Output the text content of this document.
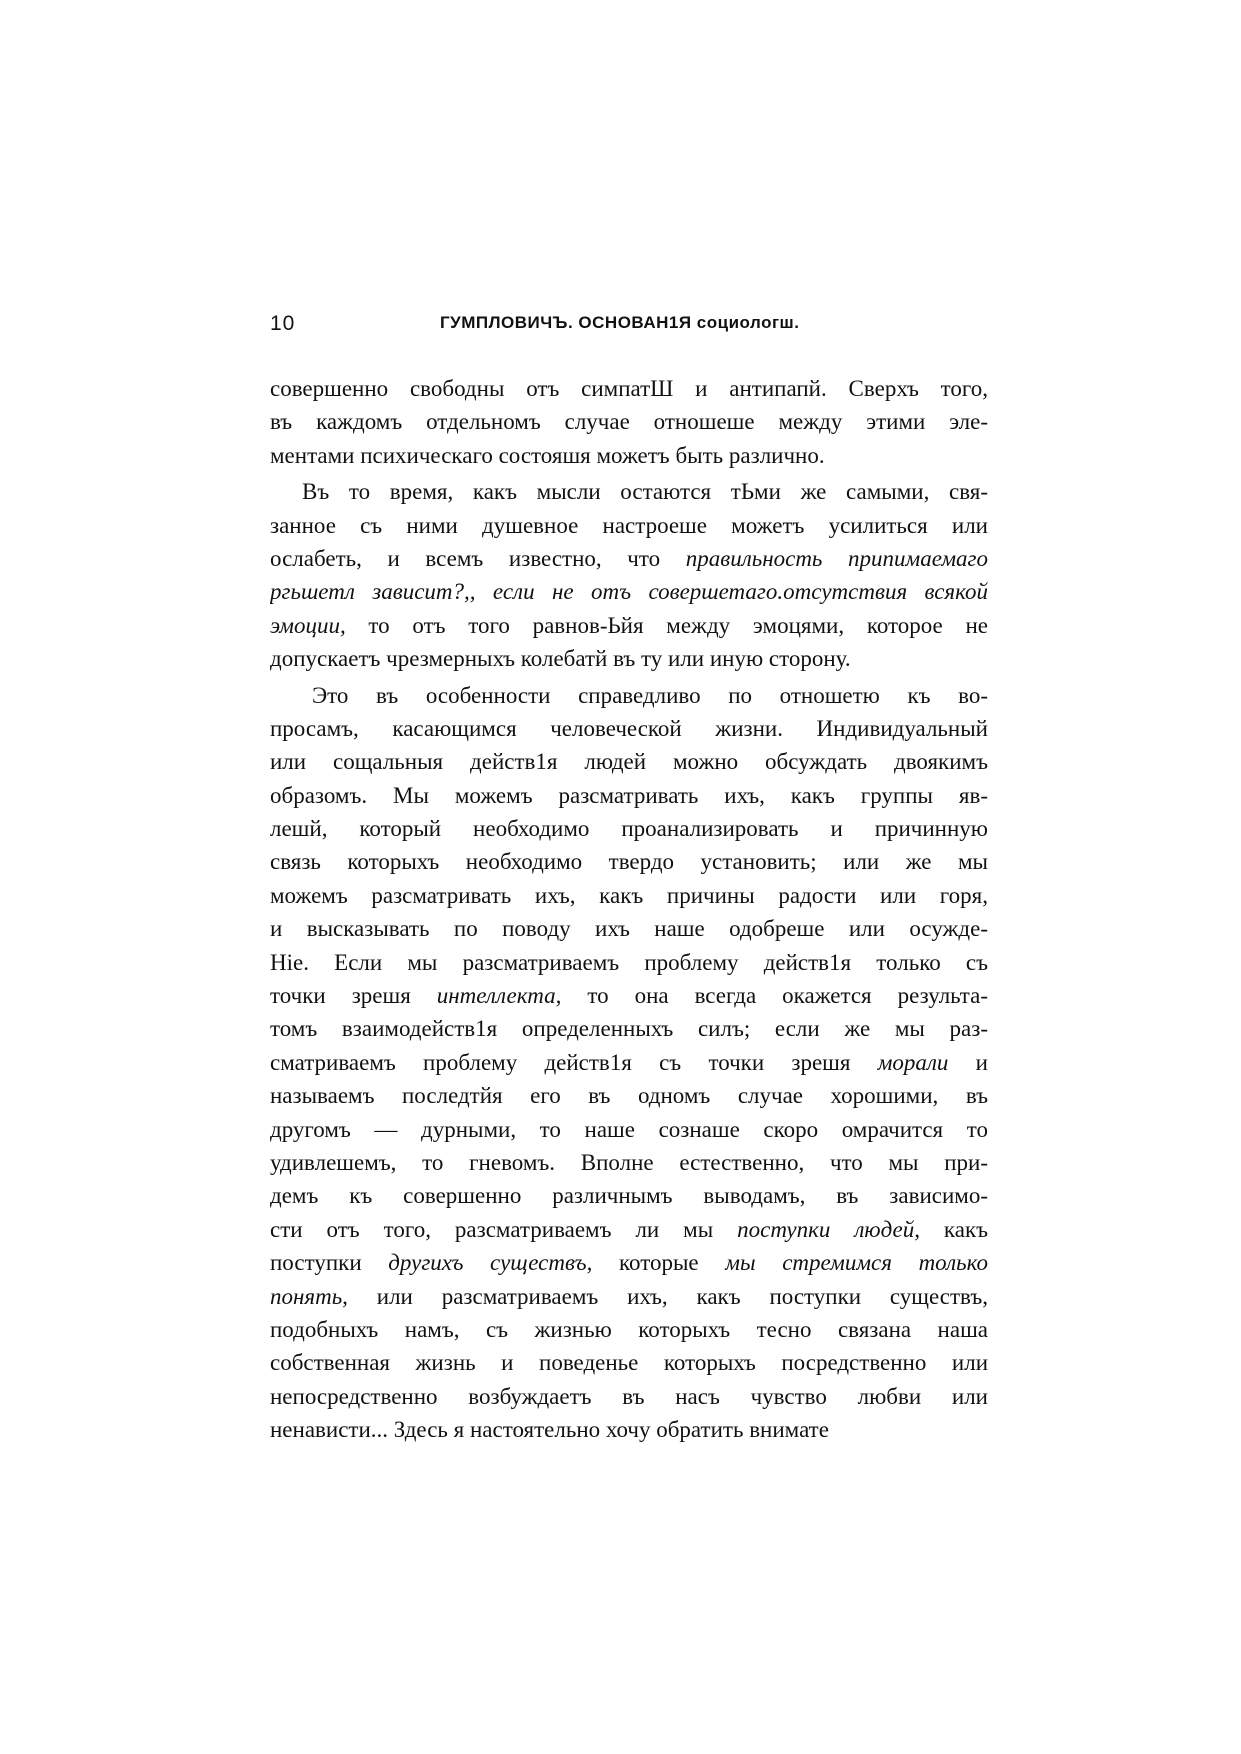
10	ГУМПЛОВИЧЪ. ОСНОВАН1Я социологш.
совершенно свободны отъ симпатШ и антипапй. Сверхъ того,
въ каждомъ отдельномъ случае отношеше между этими эле-
ментами психическаго состояшя можетъ быть различно.
Въ то время, какъ мысли остаются тЬми же самыми, свя-
занное съ ними душевное настроеше можетъ усилиться или
ослабеть, и всемъ известно, что правильность припимаемаго
ргьшетл зависит?,, если не отъ совершетаго.отсутствия всякой
эмоции, то отъ того равнов-Ьйя между эмоцями, которое не
допускаетъ чрезмерныхъ колебатй въ ту или иную сторону.
Это въ особенности справедливо по отношетю къ во-
просамъ, касающимся человеческой жизни. Индивидуальный
или сощальныя действ1я людей можно обсуждать двоякимъ
образомъ. Мы можемъ разсматривать ихъ, какъ группы яв-
лешй, который необходимо проанализировать и причинную
связь которыхъ необходимо твердо установить; или же мы
можемъ разсматривать ихъ, какъ причины радости или горя,
и высказывать по поводу ихъ наше одобреше или осужде-
Hie. Если мы разсматриваемъ проблему действ1я только съ
точки зрешя интеллекта, то она всегда окажется результа-
томъ взаимодейств1я определенныхъ силъ; если же мы раз-
сматриваемъ проблему действ1я съ точки зрешя морали и
называемъ последтйя его въ одномъ случае хорошими, въ
другомъ — дурными, то наше сознаше скоро омрачится то
удивлешемъ, то гневомъ. Вполне естественно, что мы при-
демъ къ совершенно различнымъ выводамъ, въ зависимо-
сти отъ того, разсматриваемъ ли мы поступки людей, какъ
поступки другихъ существъ, которые мы стремимся только
понять, или разсматриваемъ ихъ, какъ поступки существъ,
подобныхъ намъ, съ жизнью которыхъ тесно связана наша
собственная жизнь и поведенье которыхъ посредственно или
непосредственно возбуждаетъ въ насъ чувство любви или
ненависти... Здесь я настоятельно хочу обратить внимате
